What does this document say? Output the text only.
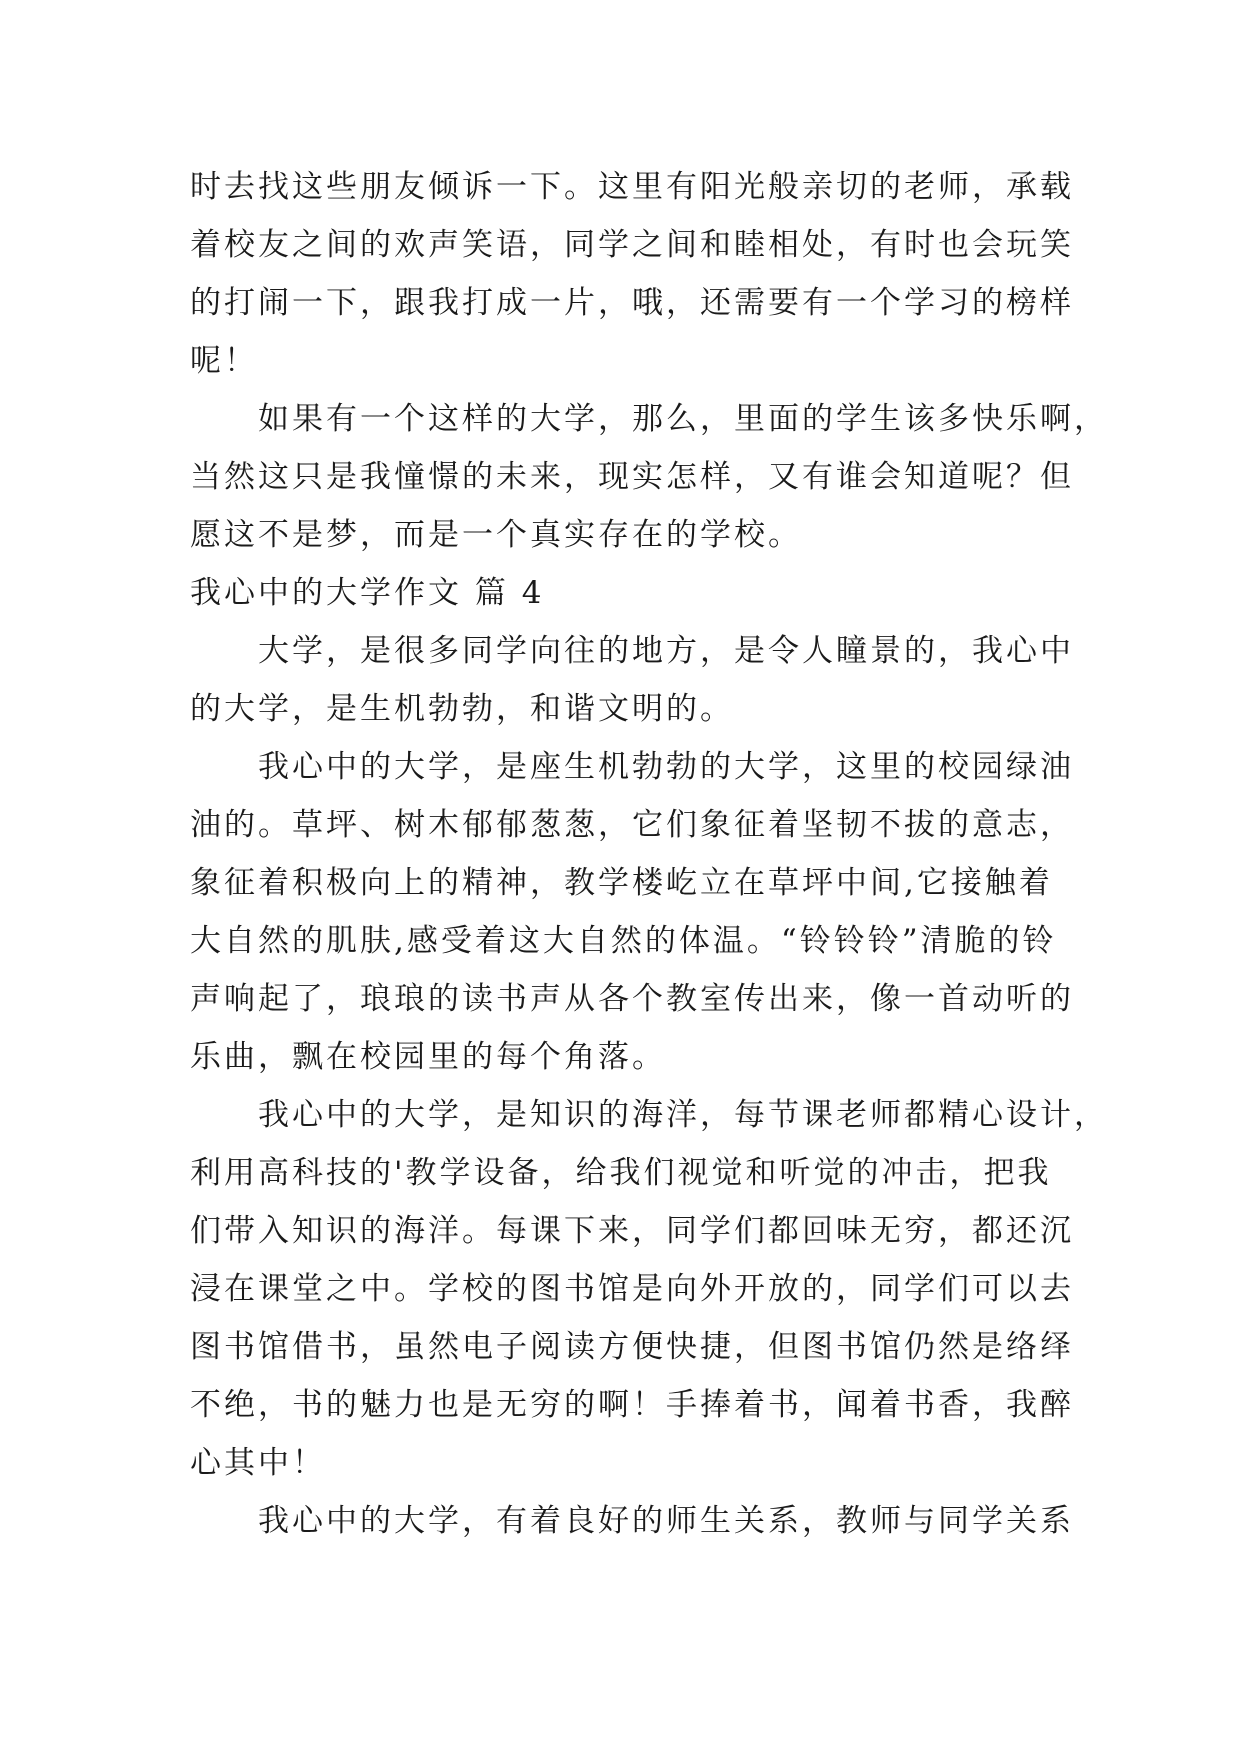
时去找这些朋友倾诉一下。这里有阳光般亲切的老师，承载
着校友之间的欢声笑语，同学之间和睦相处，有时也会玩笑
的打闹一下，跟我打成一片，哦，还需要有一个学习的榜样
呢！
如果有一个这样的大学，那么，里面的学生该多快乐啊，
当然这只是我憧憬的未来，现实怎样，又有谁会知道呢？但
愿这不是梦，而是一个真实存在的学校。
我心中的大学作文 篇 4
大学，是很多同学向往的地方，是令人瞳景的，我心中
的大学，是生机勃勃，和谐文明的。
我心中的大学，是座生机勃勃的大学，这里的校园绿油
油的。草坪、树木郁郁葱葱，它们象征着坚韧不拔的意志，
象征着积极向上的精神，教学楼屹立在草坪中间,它接触着
大自然的肌肤,感受着这大自然的体温。“铃铃铃”清脆的铃
声响起了，琅琅的读书声从各个教室传出来，像一首动听的
乐曲，飘在校园里的每个角落。
我心中的大学，是知识的海洋，每节课老师都精心设计，
利用高科技的'教学设备，给我们视觉和听觉的冲击，把我
们带入知识的海洋。每课下来，同学们都回味无穷，都还沉
浸在课堂之中。学校的图书馆是向外开放的，同学们可以去
图书馆借书，虽然电子阅读方便快捷，但图书馆仍然是络绎
不绝，书的魅力也是无穷的啊！手捧着书，闻着书香，我醉
心其中！
我心中的大学，有着良好的师生关系，教师与同学关系
